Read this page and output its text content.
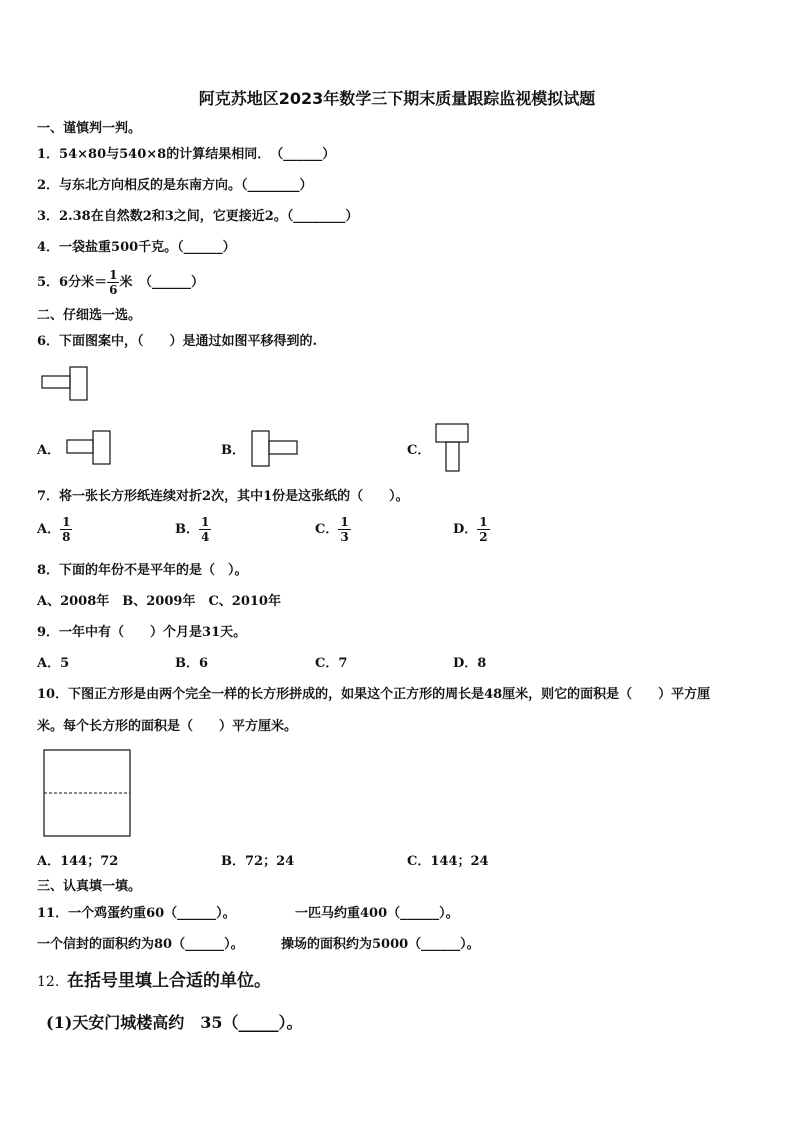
阿克苏地区2023年数学三下期末质量跟踪监视模拟试题
一、谨慎判一判。
1．54×80与540×8的计算结果相同．　（______）
2．与东北方向相反的是东南方向。（________）
3．2.38在自然数2和3之间，它更接近2。（________）
4．一袋盐重500千克。（______）
5．6分米＝ $\frac{1}{6}$ 米　（______）
二、仔细选一选。
6．下面图案中，（　　）是通过如图平移得到的.
A．	B．	C．
7．将一张长方形纸连续对折2次，其中1份是这张纸的（　　）。
A． $\frac{1}{8}$	B． $\frac{1}{4}$	C． $\frac{1}{3}$	D． $\frac{1}{2}$
8．下面的年份不是平年的是（　）。
A、2008年　B、2009年　C、2010年
9．一年中有（　　）个月是31天。
A．5	B．6	C．7	D．8
10．下图正方形是由两个完全一样的长方形拼成的，如果这个正方形的周长是48厘米，则它的面积是（　　）平方厘
米。每个长方形的面积是（　　）平方厘米。
A．144；72	B．72；24	C．144；24
三、认真填一填。
11．一个鸡蛋约重60（______）。	一匹马约重400（______）。
一个信封的面积约为80（______）。	操场的面积约为5000（______）。
12. 在括号里填上合适的单位。
(1)天安门城楼高约　35（_____）。
